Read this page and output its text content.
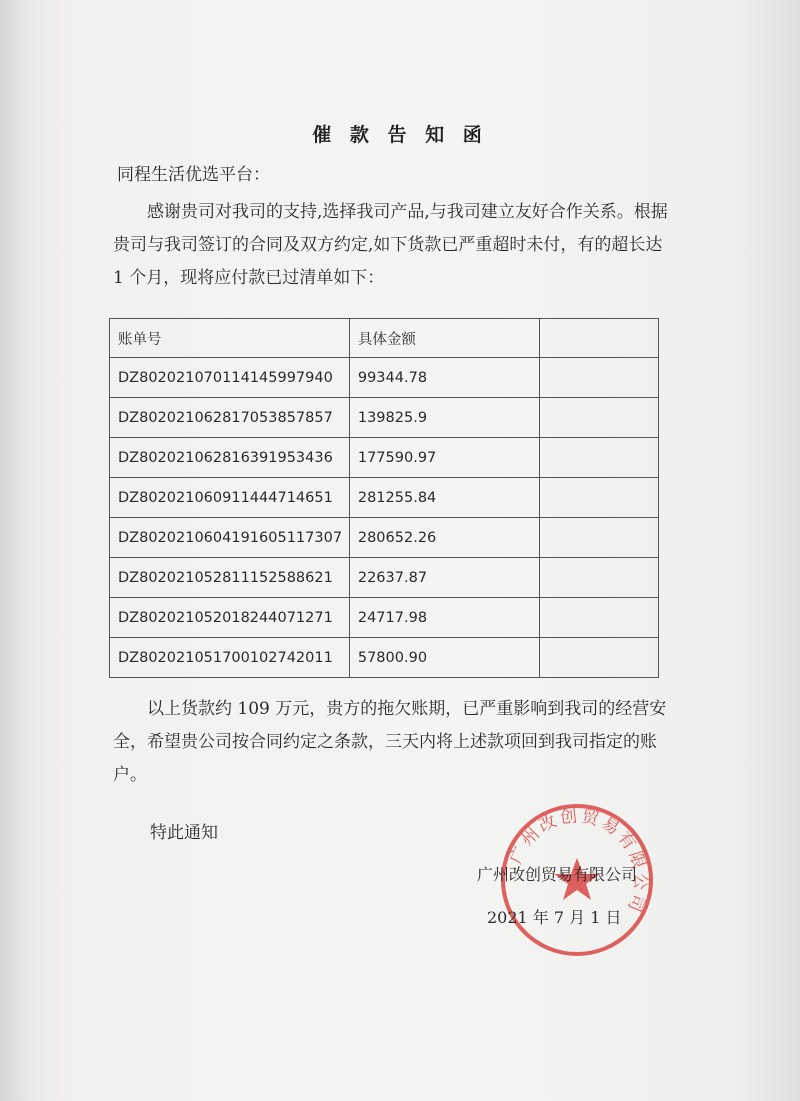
催 款 告 知 函
同程生活优选平台：
感谢贵司对我司的支持,选择我司产品,与我司建立友好合作关系。根据贵司与我司签订的合同及双方约定,如下货款已严重超时未付，有的超长达 1 个月，现将应付款已过清单如下：
账单号	具体金额	
DZ802021070114145997940	99344.78	
DZ802021062817053857857	139825.9	
DZ802021062816391953436	177590.97	
DZ802021060911444714651	281255.84	
DZ802021060419160511730​7	280652.26	
DZ802021052811152588621	22637.87	
DZ802021052018244071271	24717.98	
DZ802021051700102742011	57800.90	
以上货款约 109 万元，贵方的拖欠账期，已严重影响到我司的经营安全，希望贵公司按合同约定之条款，三天内将上述款项回到我司指定的账户。
特此通知
广州改创贸易有限公司
广州改创贸易有限公司
2021 年 7 月 1 日
